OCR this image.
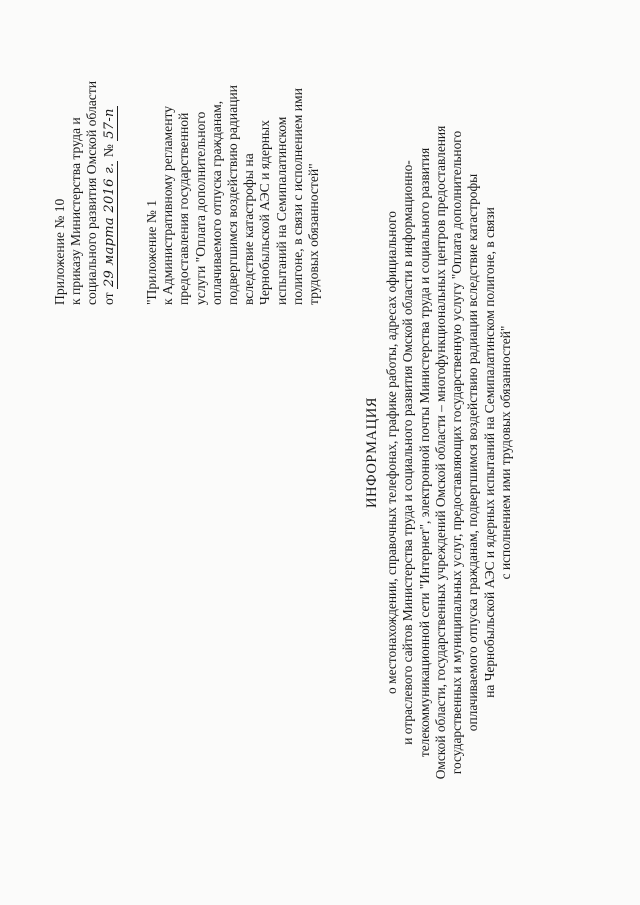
Приложение № 10 к приказу Министерства труда и социального развития Омской области от 29 марта 2016 г. № 57-п
"Приложение № 1 к Административному регламенту предоставления государственной услуги "Оплата дополнительного оплачиваемого отпуска гражданам, подвергшимся воздействию радиации вследствие катастрофы на Чернобыльской АЭС и ядерных испытаний на Семипалатинском полигоне, в связи с исполнением ими трудовых обязанностей"
ИНФОРМАЦИЯ о местонахождении, справочных телефонах, графике работы, адресах официального и отраслевого сайтов Министерства труда и социального развития Омской области в информационно- телекоммуникационной сети "Интернет", электронной почты Министерства труда и социального развития Омской области, государственных учреждений Омской области – многофункциональных центров предоставления государственных и муниципальных услуг, предоставляющих государственную услугу "Оплата дополнительного оплачиваемого отпуска гражданам, подвергшимся воздействию радиации вследствие катастрофы на Чернобыльской АЭС и ядерных испытаний на Семипалатинском полигоне, в связи с исполнением ими трудовых обязанностей"
